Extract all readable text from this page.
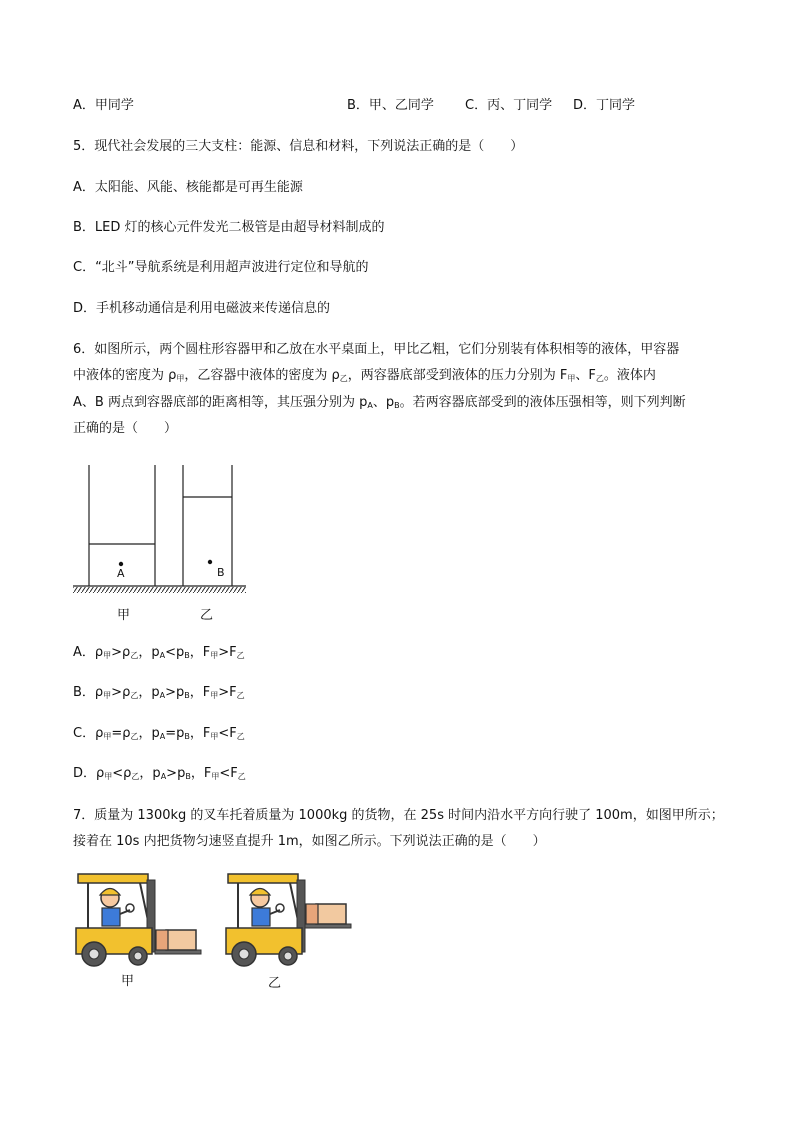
A．甲同学	B．甲、乙同学 C．丙、丁同学 D．丁同学
5．现代社会发展的三大支柱：能源、信息和材料，下列说法正确的是（　　）
A．太阳能、风能、核能都是可再生能源
B．LED 灯的核心元件发光二极管是由超导材料制成的
C．“北斗”导航系统是利用超声波进行定位和导航的
D．手机移动通信是利用电磁波来传递信息的
6．如图所示，两个圆柱形容器甲和乙放在水平桌面上，甲比乙粗，它们分别装有体积相等的液体，甲容器
中液体的密度为 $\rho_甲$，乙容器中液体的密度为 $\rho_乙$，两容器底部受到液体的压力分别为 $F_甲$、$F_乙$。液体内
A、B 两点到容器底部的距离相等，其压强分别为 $p_A$、$p_B$。若两容器底部受到的液体压强相等，则下列判断
正确的是（　　）
A	B
甲	乙
A．$\rho_甲>\rho_乙$，$p_A<p_B$，$F_甲>F_乙$
B．$\rho_甲>\rho_乙$，$p_A>p_B$，$F_甲>F_乙$
C．$\rho_甲=\rho_乙$，$p_A=p_B$，$F_甲<F_乙$
D．$\rho_甲<\rho_乙$，$p_A>p_B$，$F_甲<F_乙$
7．质量为 1300kg 的叉车托着质量为 1000kg 的货物，在 25s 时间内沿水平方向行驶了 100m，如图甲所示；
接着在 10s 内把货物匀速竖直提升 1m，如图乙所示。下列说法正确的是（　　）
甲	乙
